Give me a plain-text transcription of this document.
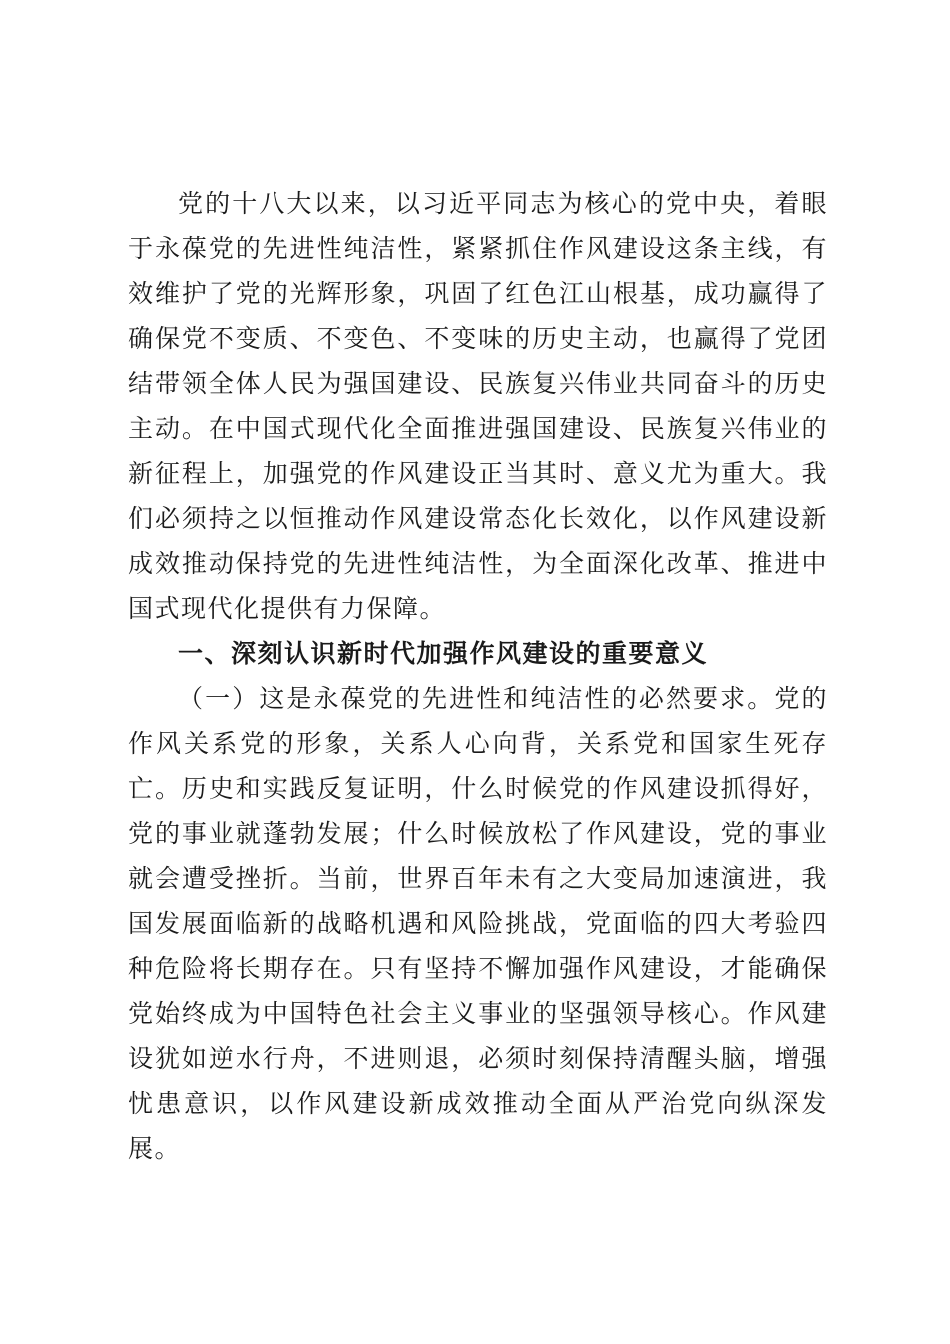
党的十八大以来，以习近平同志为核心的党中央，着眼于永葆党的先进性纯洁性，紧紧抓住作风建设这条主线，有效维护了党的光辉形象，巩固了红色江山根基，成功赢得了确保党不变质、不变色、不变味的历史主动，也赢得了党团结带领全体人民为强国建设、民族复兴伟业共同奋斗的历史主动。在中国式现代化全面推进强国建设、民族复兴伟业的新征程上，加强党的作风建设正当其时、意义尤为重大。我们必须持之以恒推动作风建设常态化长效化，以作风建设新成效推动保持党的先进性纯洁性，为全面深化改革、推进中国式现代化提供有力保障。

一、深刻认识新时代加强作风建设的重要意义

（一）这是永葆党的先进性和纯洁性的必然要求。党的作风关系党的形象，关系人心向背，关系党和国家生死存亡。历史和实践反复证明，什么时候党的作风建设抓得好，党的事业就蓬勃发展；什么时候放松了作风建设，党的事业就会遭受挫折。当前，世界百年未有之大变局加速演进，我国发展面临新的战略机遇和风险挑战，党面临的四大考验四种危险将长期存在。只有坚持不懈加强作风建设，才能确保党始终成为中国特色社会主义事业的坚强领导核心。作风建设犹如逆水行舟，不进则退，必须时刻保持清醒头脑，增强忧患意识，以作风建设新成效推动全面从严治党向纵深发展。
